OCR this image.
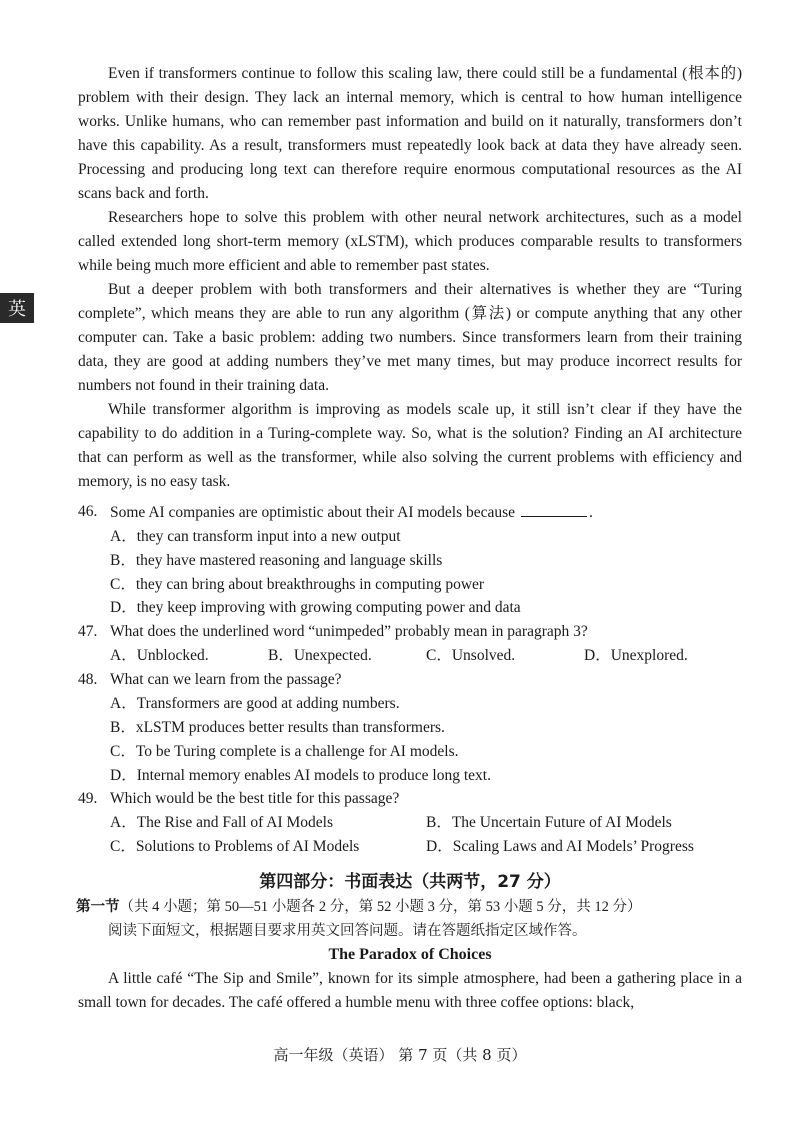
英

Even if transformers continue to follow this scaling law, there could still be a fundamental (根本的) problem with their design. They lack an internal memory, which is central to how human intelligence works. Unlike humans, who can remember past information and build on it naturally, transformers don’t have this capability. As a result, transformers must repeatedly look back at data they have already seen. Processing and producing long text can therefore require enormous computational resources as the AI scans back and forth.

Researchers hope to solve this problem with other neural network architectures, such as a model called extended long short-term memory (xLSTM), which produces comparable results to transformers while being much more efficient and able to remember past states.

But a deeper problem with both transformers and their alternatives is whether they are “Turing complete”, which means they are able to run any algorithm (算法) or compute anything that any other computer can. Take a basic problem: adding two numbers. Since transformers learn from their training data, they are good at adding numbers they’ve met many times, but may produce incorrect results for numbers not found in their training data.

While transformer algorithm is improving as models scale up, it still isn’t clear if they have the capability to do addition in a Turing-complete way. So, what is the solution? Finding an AI architecture that can perform as well as the transformer, while also solving the current problems with efficiency and memory, is no easy task.

46. Some AI companies are optimistic about their AI models because	.
A．they can transform input into a new output
B．they have mastered reasoning and language skills
C．they can bring about breakthroughs in computing power
D．they keep improving with growing computing power and data
47. What does the underlined word “unimpeded” probably mean in paragraph 3?
A．Unblocked.	B．Unexpected.	C．Unsolved.	D．Unexplored.
48. What can we learn from the passage?
A．Transformers are good at adding numbers.
B．xLSTM produces better results than transformers.
C．To be Turing complete is a challenge for AI models.
D．Internal memory enables AI models to produce long text.
49. Which would be the best title for this passage?
A．The Rise and Fall of AI Models	B．The Uncertain Future of AI Models
C．Solutions to Problems of AI Models	D．Scaling Laws and AI Models’ Progress
第四部分：书面表达（共两节，27 分）
第一节（共 4 小题；第 50—51 小题各 2 分，第 52 小题 3 分，第 53 小题 5 分，共 12 分）
阅读下面短文，根据题目要求用英文回答问题。请在答题纸指定区域作答。
The Paradox of Choices

A little café “The Sip and Smile”, known for its simple atmosphere, had been a gathering place in a small town for decades. The café offered a humble menu with three coffee options: black,

高一年级（英语） 第 7 页（共 8 页）
